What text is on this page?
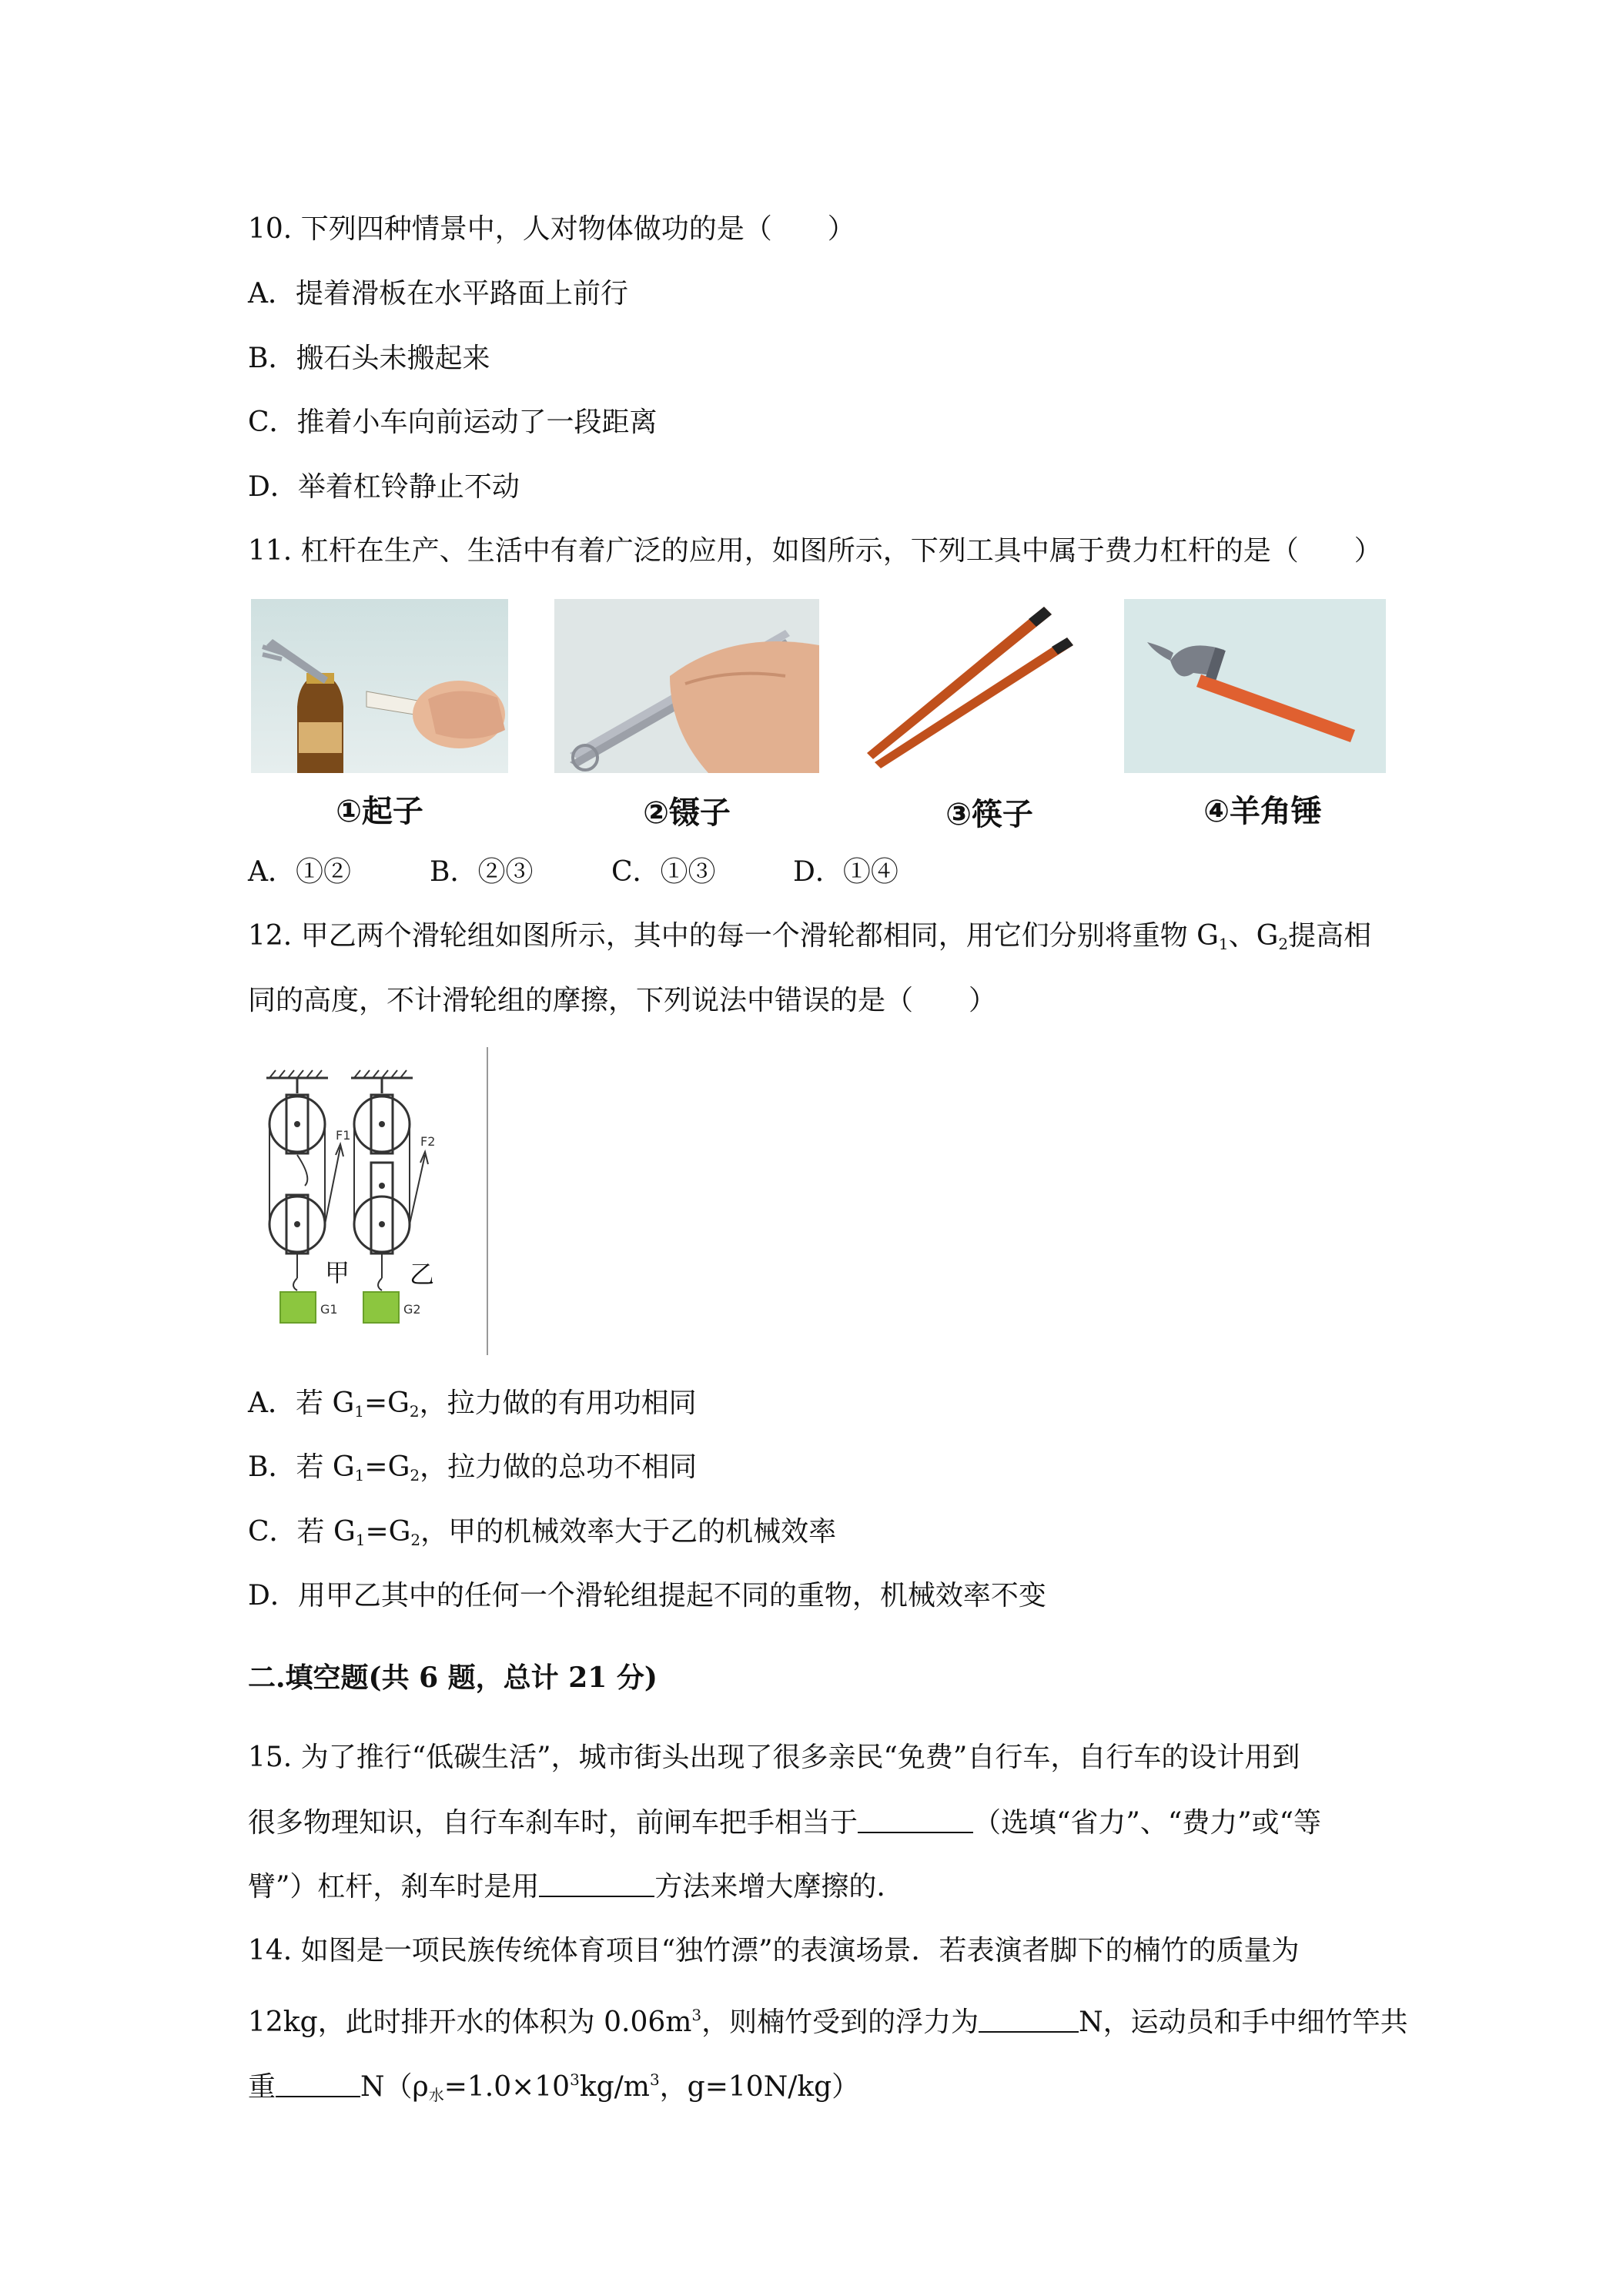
10. 下列四种情景中，人对物体做功的是（　　）
A．提着滑板在水平路面上前行
B．搬石头未搬起来
C．推着小车向前运动了一段距离
D．举着杠铃静止不动
11. 杠杆在生产、生活中有着广泛的应用，如图所示，下列工具中属于费力杠杆的是（　　）
①起子	②镊子	③筷子	④羊角锤
A．①②	B．②③	C．①③	D．①④
12. 甲乙两个滑轮组如图所示，其中的每一个滑轮都相同，用它们分别将重物 $G_1$、$G_2$提高相
同的高度，不计滑轮组的摩擦，下列说法中错误的是（　　）
F1
甲
G1
F2
乙
G2
A．若 $G_1=G_2$，拉力做的有用功相同
B．若 $G_1=G_2$，拉力做的总功不相同
C．若 $G_1=G_2$，甲的机械效率大于乙的机械效率
D．用甲乙其中的任何一个滑轮组提起不同的重物，机械效率不变
二.填空题(共 6 题，总计 21 分)
15. 为了推行“低碳生活”，城市街头出现了很多亲民“免费”自行车，自行车的设计用到
很多物理知识，自行车刹车时，前闸车把手相当于	（选填“省力”、“费力”或“等
臂”）杠杆，刹车时是用	方法来增大摩擦的.
14. 如图是一项民族传统体育项目“独竹漂”的表演场景．若表演者脚下的楠竹的质量为
12kg，此时排开水的体积为 $0.06m^3$，则楠竹受到的浮力为	N，运动员和手中细竹竿共
重	$N(\rho_水=1.0\times 10^3kg/m^3$，g=10N/kg）
